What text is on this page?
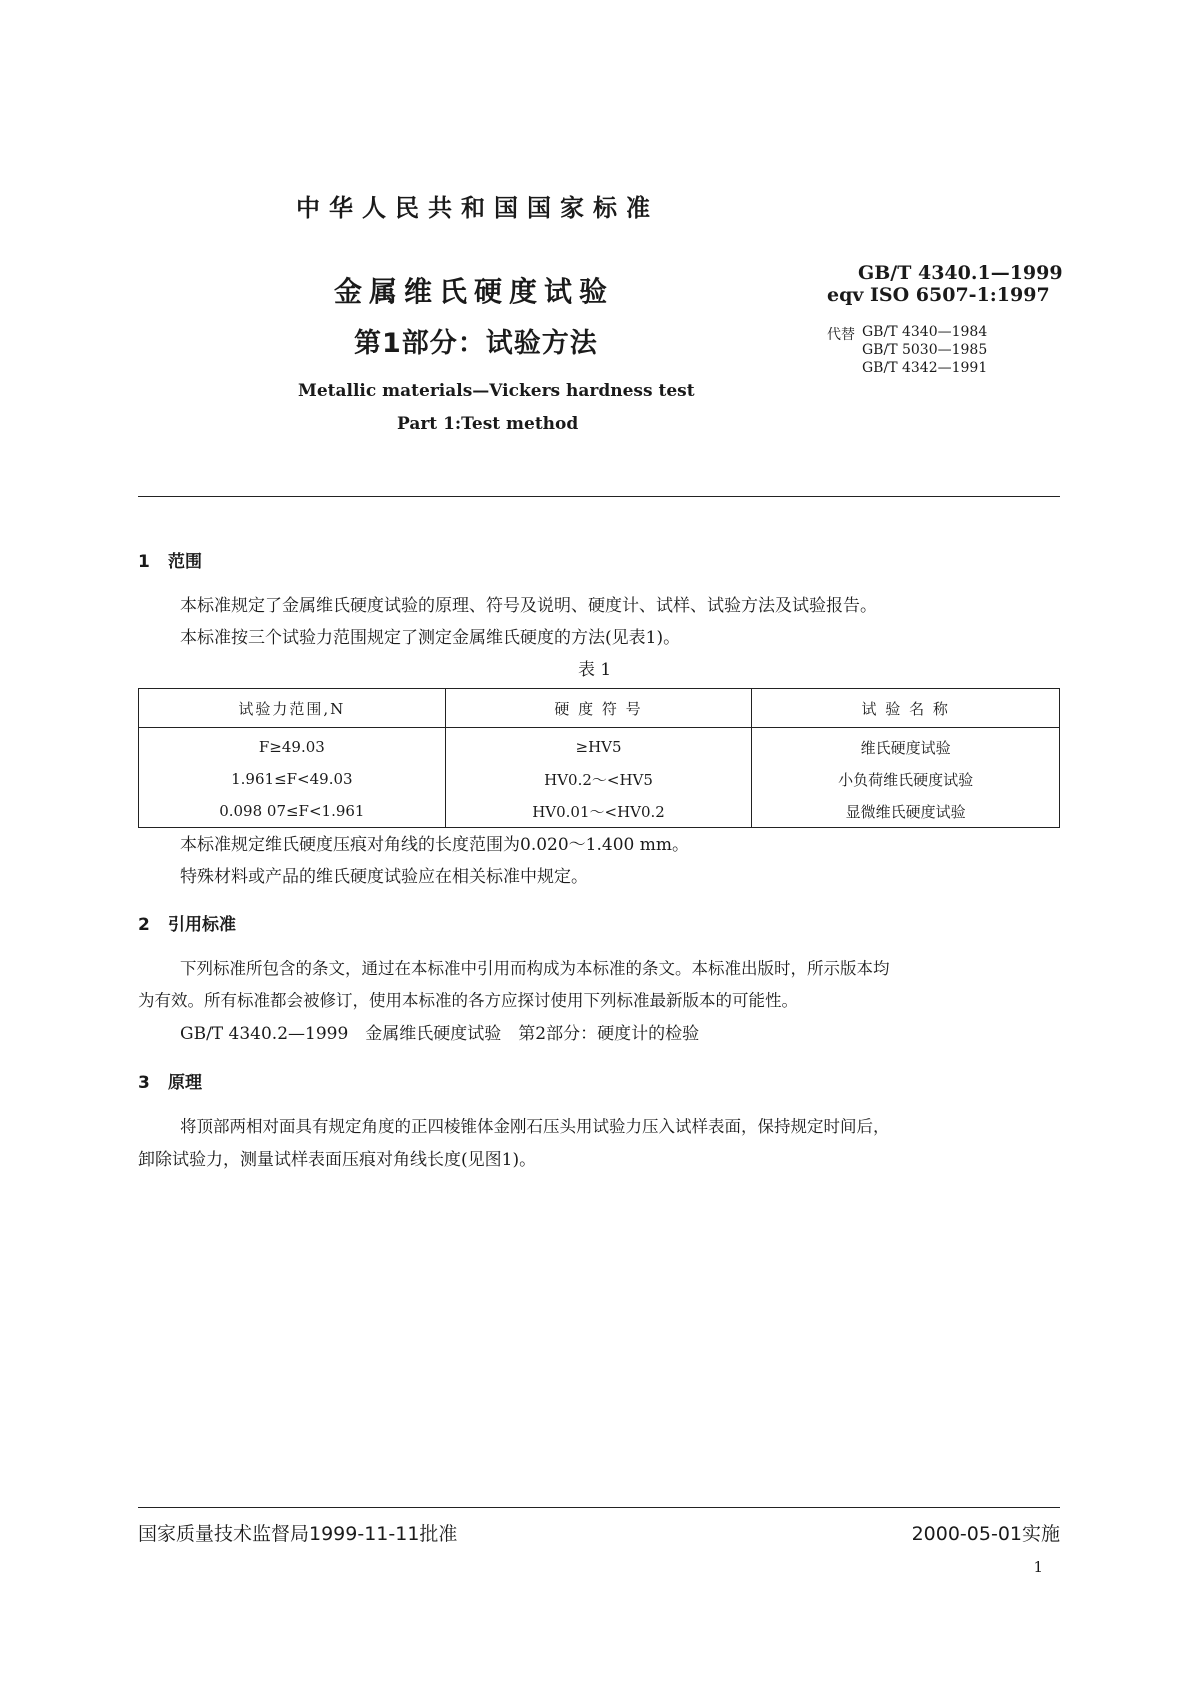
中华人民共和国国家标准
金属维氏硬度试验
第1部分：试验方法
Metallic materials—Vickers hardness test
Part 1:Test method
GB/T 4340.1—1999
eqv ISO 6507-1:1997
代替 GB/T 4340—1984
GB/T 5030—1985
GB/T 4342—1991
1 范围
本标准规定了金属维氏硬度试验的原理、符号及说明、硬度计、试样、试验方法及试验报告。
本标准按三个试验力范围规定了测定金属维氏硬度的方法(见表1)。
表 1
试验力范围,N	硬 度 符 号	试 验 名 称
F≥49.03	≥HV5	维氏硬度试验
1.961≤F<49.03	HV0.2～<HV5	小负荷维氏硬度试验
0.098 07≤F<1.961	HV0.01～<HV0.2	显微维氏硬度试验
本标准规定维氏硬度压痕对角线的长度范围为0.020～1.400 mm。
特殊材料或产品的维氏硬度试验应在相关标准中规定。
2 引用标准
下列标准所包含的条文，通过在本标准中引用而构成为本标准的条文。本标准出版时，所示版本均
为有效。所有标准都会被修订，使用本标准的各方应探讨使用下列标准最新版本的可能性。
GB/T 4340.2—1999　金属维氏硬度试验　第2部分：硬度计的检验
3 原理
将顶部两相对面具有规定角度的正四棱锥体金刚石压头用试验力压入试样表面，保持规定时间后，
卸除试验力，测量试样表面压痕对角线长度(见图1)。
国家质量技术监督局1999-11-11批准	2000-05-01实施
1
